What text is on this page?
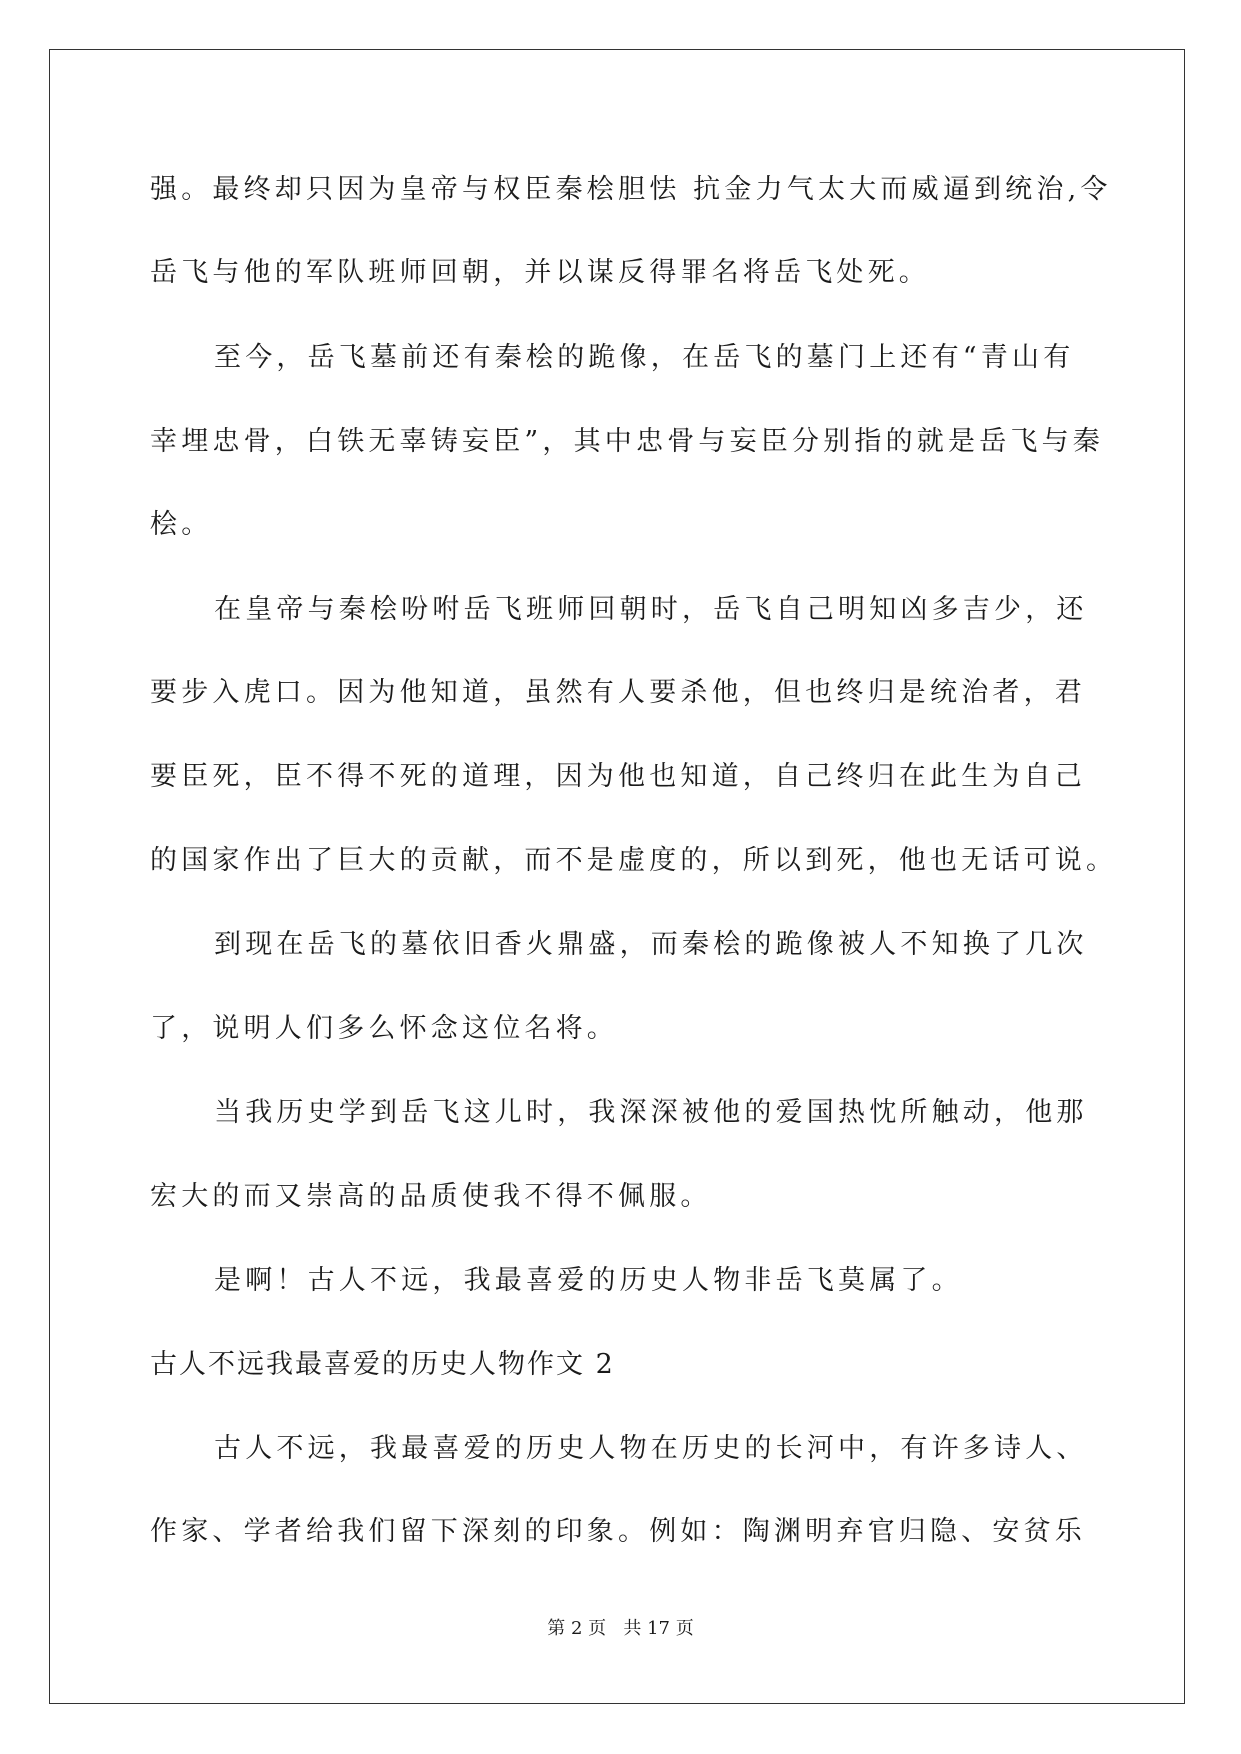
强。最终却只因为皇帝与权臣秦桧胆怯 抗金力气太大而威逼到统治,令
岳飞与他的军队班师回朝，并以谋反得罪名将岳飞处死。
至今，岳飞墓前还有秦桧的跪像，在岳飞的墓门上还有“青山有
幸埋忠骨，白铁无辜铸妄臣”，其中忠骨与妄臣分别指的就是岳飞与秦
桧。
在皇帝与秦桧吩咐岳飞班师回朝时，岳飞自己明知凶多吉少，还
要步入虎口。因为他知道，虽然有人要杀他，但也终归是统治者，君
要臣死，臣不得不死的道理，因为他也知道，自己终归在此生为自己
的国家作出了巨大的贡献，而不是虚度的，所以到死，他也无话可说。
到现在岳飞的墓依旧香火鼎盛，而秦桧的跪像被人不知换了几次
了，说明人们多么怀念这位名将。
当我历史学到岳飞这儿时，我深深被他的爱国热忱所触动，他那
宏大的而又崇高的品质使我不得不佩服。
是啊！古人不远，我最喜爱的历史人物非岳飞莫属了。
古人不远我最喜爱的历史人物作文 2
古人不远，我最喜爱的历史人物在历史的长河中，有许多诗人、
作家、学者给我们留下深刻的印象。例如：陶渊明弃官归隐、安贫乐
第 2 页 共 17 页
